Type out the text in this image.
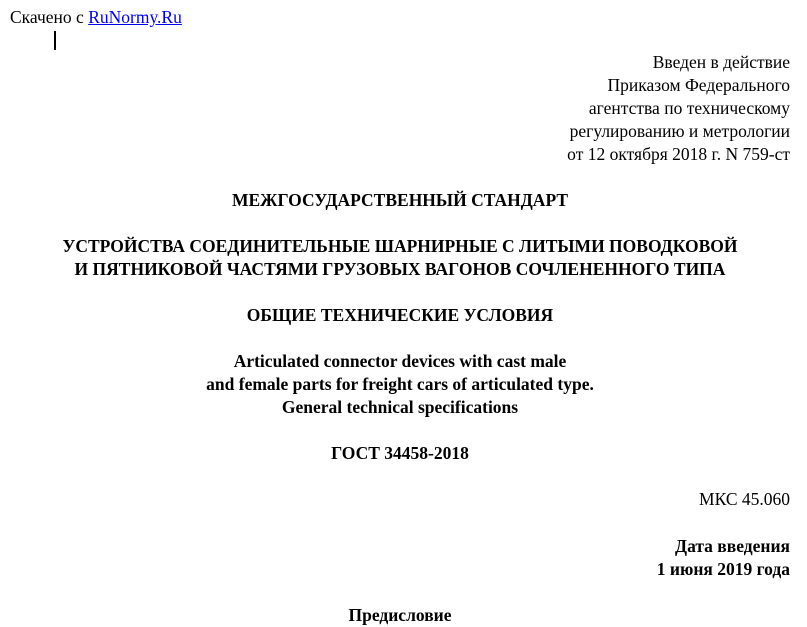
Скачено с RuNormy.Ru
Введен в действие
Приказом Федерального
агентства по техническому
регулированию и метрологии
от 12 октября 2018 г. N 759-ст
МЕЖГОСУДАРСТВЕННЫЙ СТАНДАРТ
УСТРОЙСТВА СОЕДИНИТЕЛЬНЫЕ ШАРНИРНЫЕ С ЛИТЫМИ ПОВОДКОВОЙ
И ПЯТНИКОВОЙ ЧАСТЯМИ ГРУЗОВЫХ ВАГОНОВ СОЧЛЕНЕННОГО ТИПА
ОБЩИЕ ТЕХНИЧЕСКИЕ УСЛОВИЯ
Articulated connector devices with cast male
and female parts for freight cars of articulated type.
General technical specifications
ГОСТ 34458-2018
МКС 45.060
Дата введения
1 июня 2019 года
Предисловие
